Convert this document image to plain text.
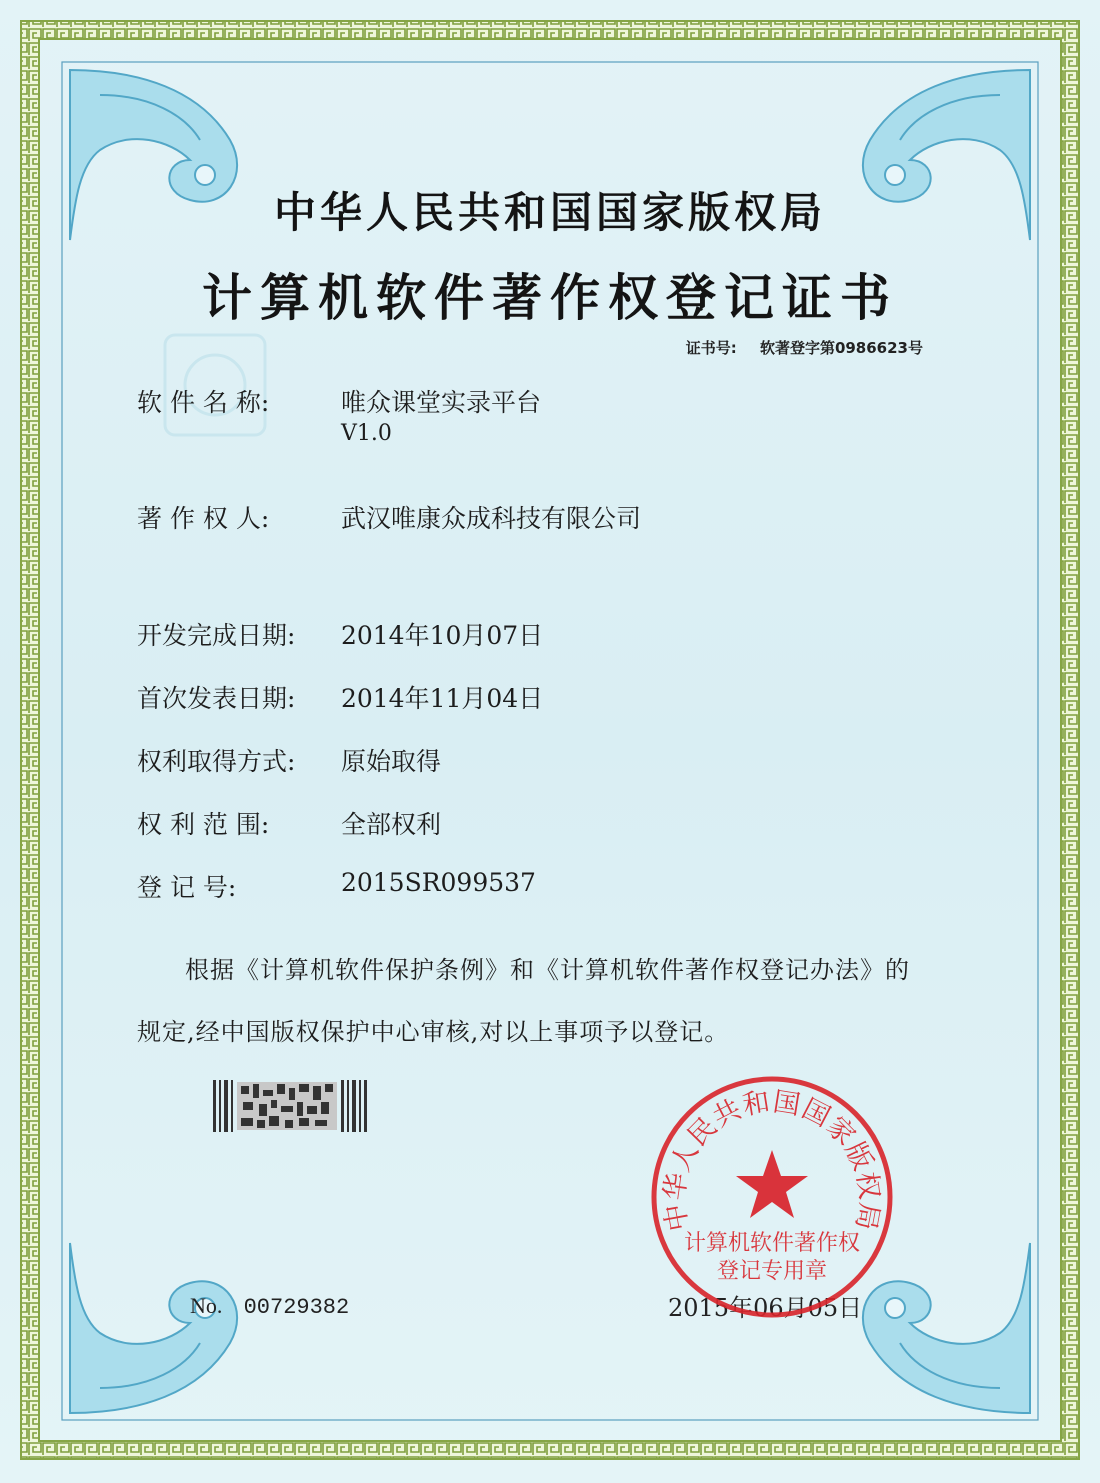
中华人民共和国国家版权局
计算机软件著作权登记证书
证书号: 软著登字第0986623号
软 件 名 称:	唯众课堂实录平台
V1.0
著 作 权 人:	武汉唯康众成科技有限公司
开发完成日期: 2014年10月07日
首次发表日期: 2014年11月04日
权利取得方式: 原始取得
权 利 范 围:	全部权利
登 记 号:	2015SR099537
根据《计算机软件保护条例》和《计算机软件著作权登记办法》的
规定,经中国版权保护中心审核,对以上事项予以登记。
No. 00729382	2015年06月05日
中华人民共和国国家版权局
计算机软件著作权
登记专用章
